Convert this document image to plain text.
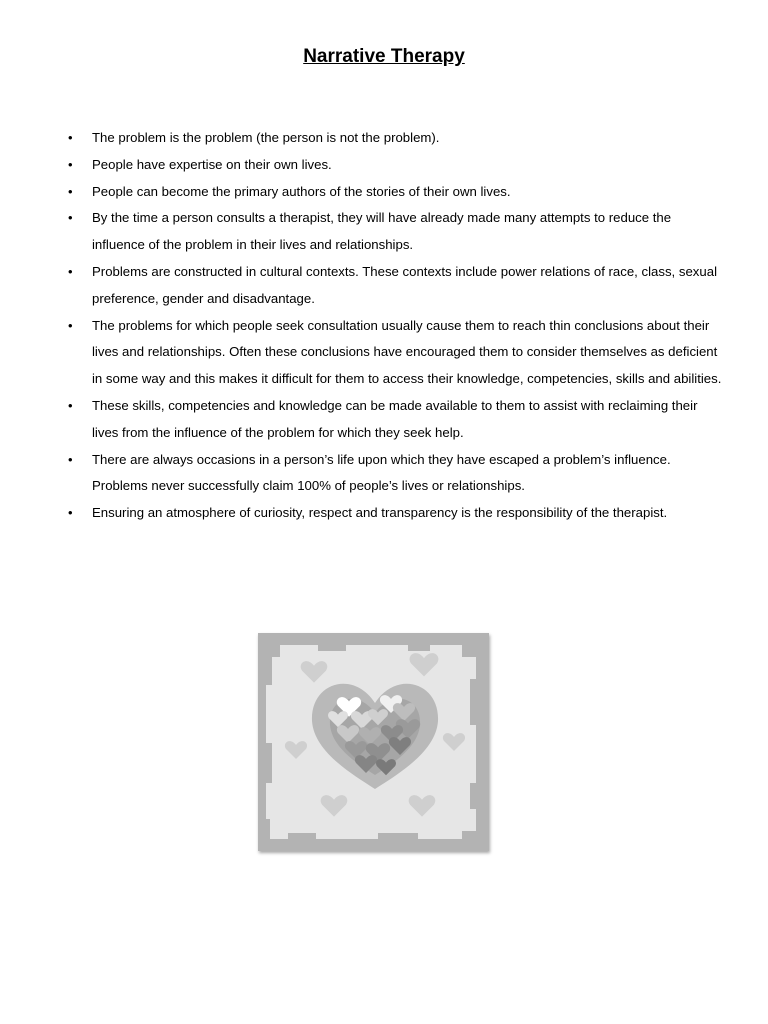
Narrative Therapy
• The problem is the problem (the person is not the problem).
• People have expertise on their own lives.
• People can become the primary authors of the stories of their own lives.
• By the time a person consults a therapist, they will have already made many attempts to reduce the influence of the problem in their lives and relationships.
• Problems are constructed in cultural contexts. These contexts include power relations of race, class, sexual preference, gender and disadvantage.
• The problems for which people seek consultation usually cause them to reach thin conclusions about their lives and relationships. Often these conclusions have encouraged them to consider themselves as deficient in some way and this makes it difficult for them to access their knowledge, competencies, skills and abilities.
• These skills, competencies and knowledge can be made available to them to assist with reclaiming their lives from the influence of the problem for which they seek help.
• There are always occasions in a person’s life upon which they have escaped a problem’s influence. Problems never successfully claim 100% of people’s lives or relationships.
• Ensuring an atmosphere of curiosity, respect and transparency is the responsibility of the therapist.
